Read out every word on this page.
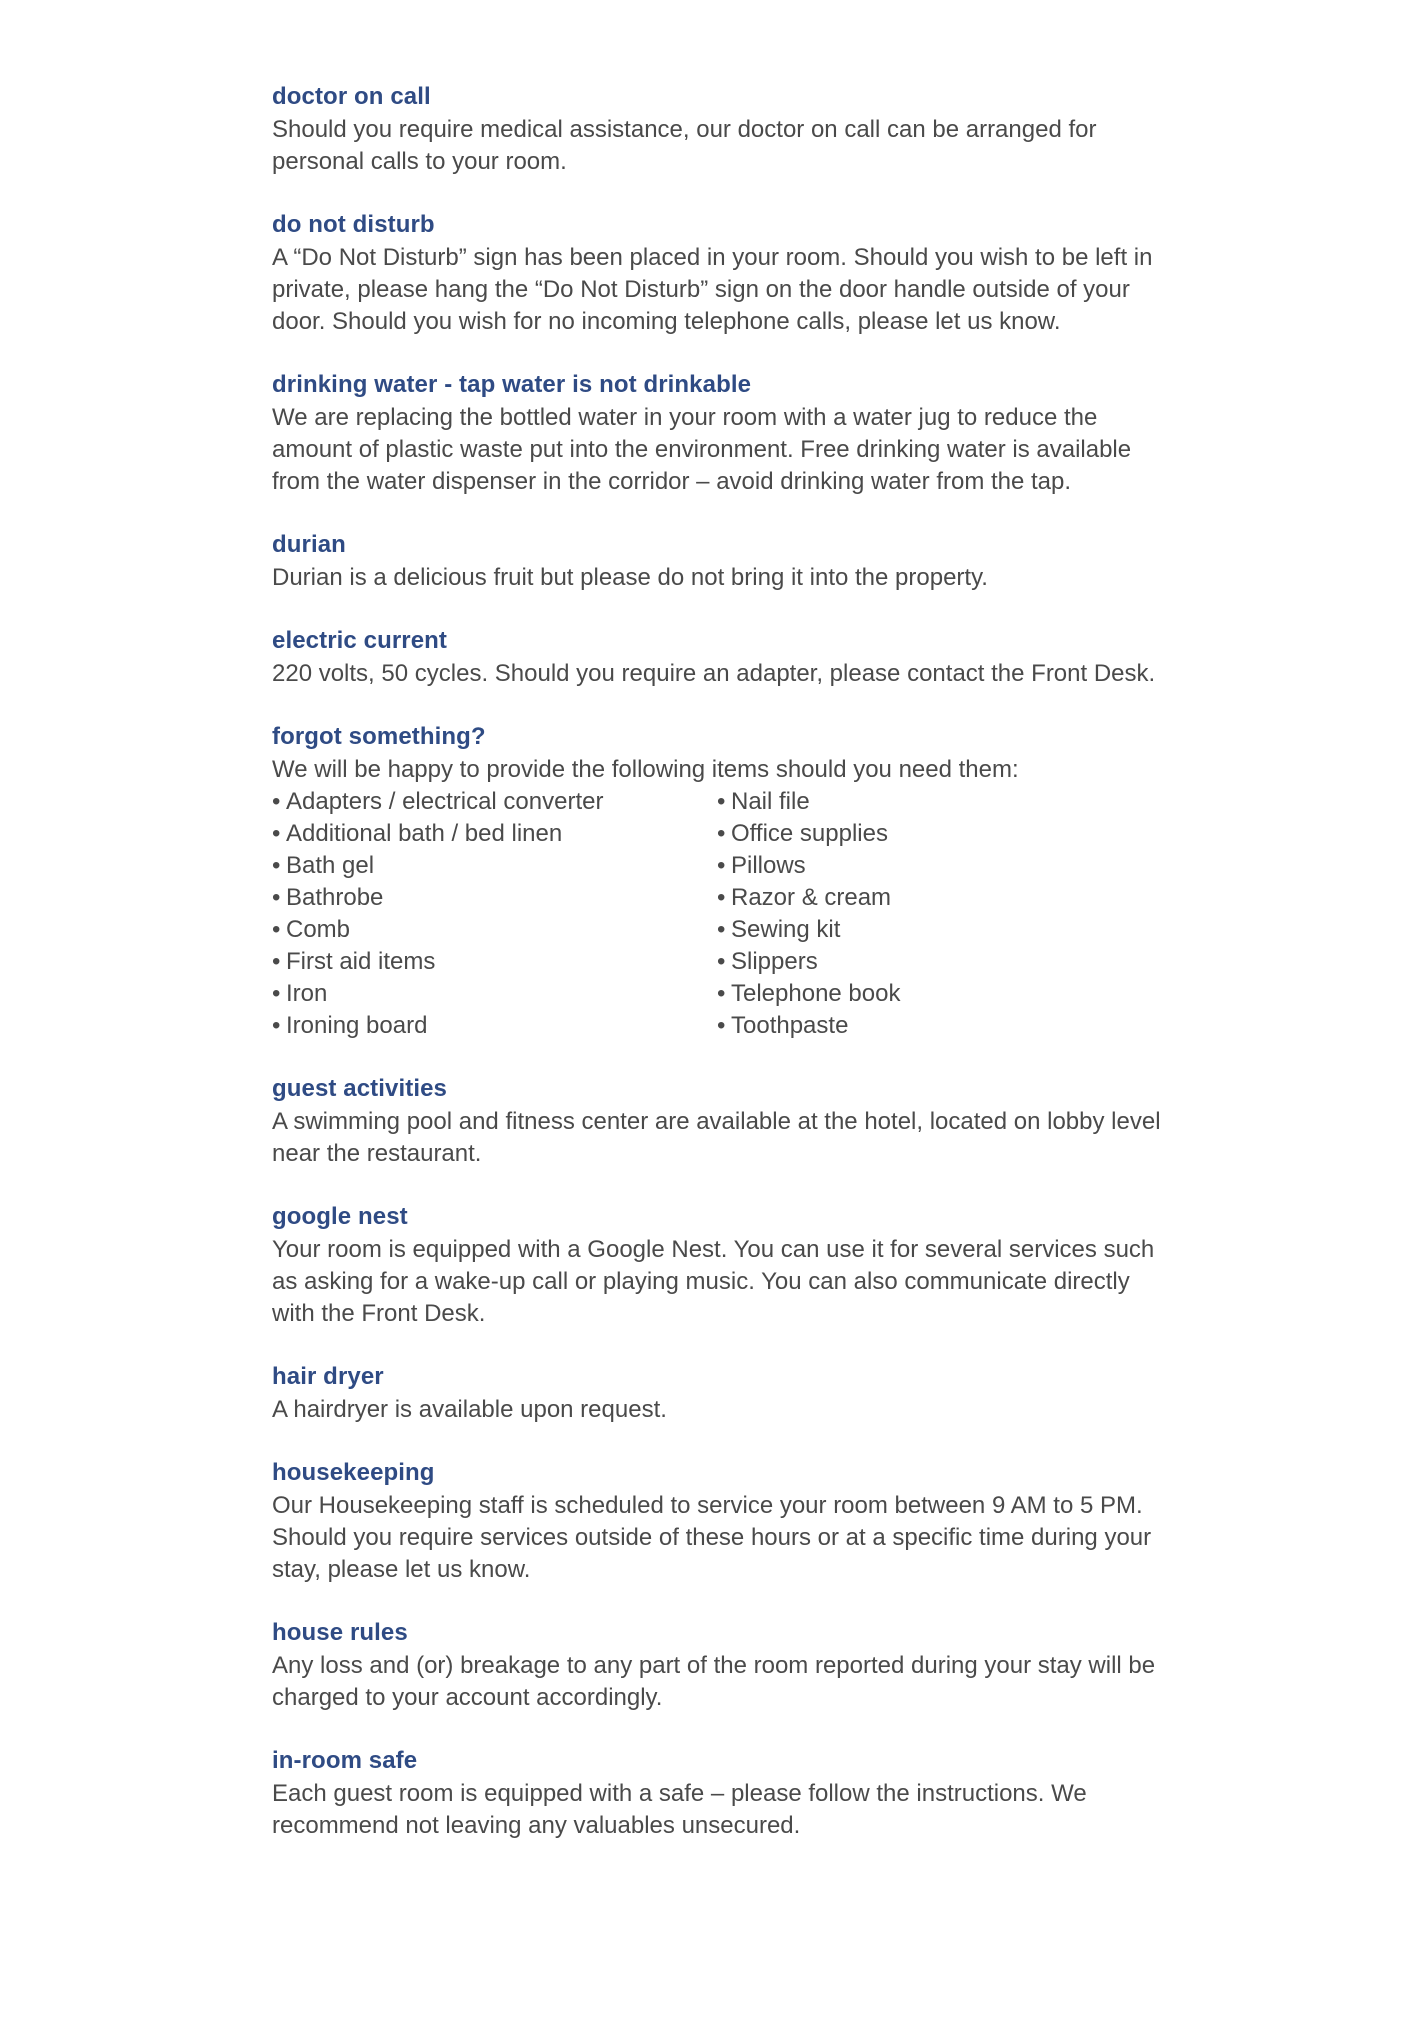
doctor on call

Should you require medical assistance, our doctor on call can be arranged for personal calls to your room.

do not disturb

A “Do Not Disturb” sign has been placed in your room. Should you wish to be left in private, please hang the “Do Not Disturb” sign on the door handle outside of your door. Should you wish for no incoming telephone calls, please let us know.

drinking water - tap water is not drinkable

We are replacing the bottled water in your room with a water jug to reduce the amount of plastic waste put into the environment. Free drinking water is available from the water dispenser in the corridor – avoid drinking water from the tap.

durian

Durian is a delicious fruit but please do not bring it into the property.

electric current

220 volts, 50 cycles. Should you require an adapter, please contact the Front Desk.

forgot something?

We will be happy to provide the following items should you need them:

• Adapters / electrical converter
• Additional bath / bed linen
• Bath gel
• Bathrobe
• Comb
• First aid items
• Iron
• Ironing board
• Nail file
• Office supplies
• Pillows
• Razor & cream
• Sewing kit
• Slippers
• Telephone book
• Toothpaste
guest activities

A swimming pool and fitness center are available at the hotel, located on lobby level near the restaurant.

google nest

Your room is equipped with a Google Nest. You can use it for several services such as asking for a wake-up call or playing music. You can also communicate directly with the Front Desk.

hair dryer

A hairdryer is available upon request.

housekeeping

Our Housekeeping staff is scheduled to service your room between 9 AM to 5 PM. Should you require services outside of these hours or at a specific time during your stay, please let us know.

house rules

Any loss and (or) breakage to any part of the room reported during your stay will be charged to your account accordingly.

in-room safe

Each guest room is equipped with a safe – please follow the instructions. We recommend not leaving any valuables unsecured.
